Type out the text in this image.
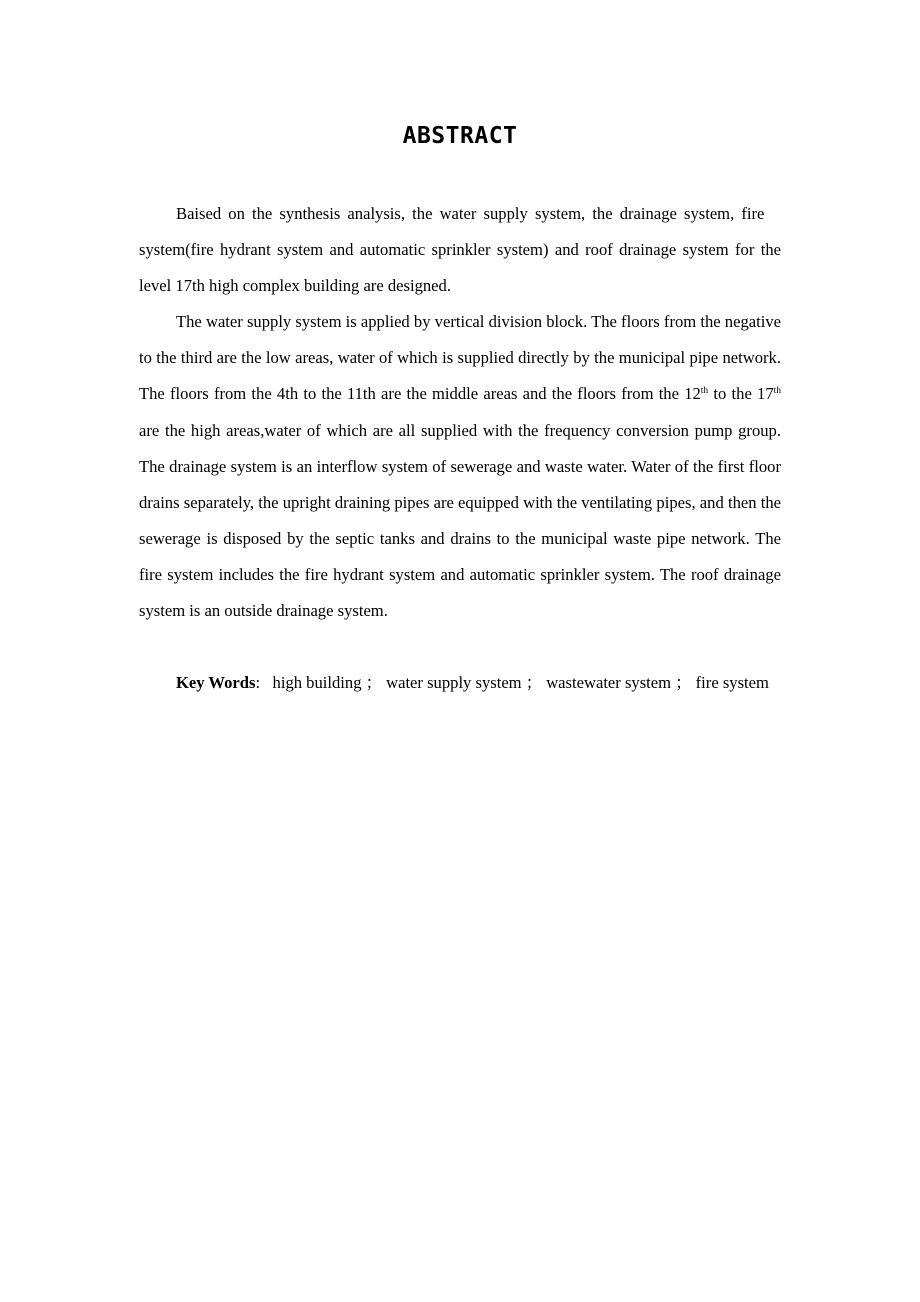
ABSTRACT

Baised on the synthesis analysis, the water supply system, the drainage system, fire system(fire hydrant system and automatic sprinkler system) and roof drainage system for the level 17th high complex building are designed.

The water supply system is applied by vertical division block. The floors from the negative to the third are the low areas, water of which is supplied directly by the municipal pipe network. The floors from the 4th to the 11th are the middle areas and the floors from the 12th to the 17th are the high areas,water of which are all supplied with the frequency conversion pump group. The drainage system is an interflow system of sewerage and waste water. Water of the first floor drains separately, the upright draining pipes are equipped with the ventilating pipes, and then the sewerage is disposed by the septic tanks and drains to the municipal waste pipe network. The fire system includes the fire hydrant system and automatic sprinkler system. The roof drainage system is an outside drainage system.

Key Words: high building ； water supply system ； wastewater system ； fire system
